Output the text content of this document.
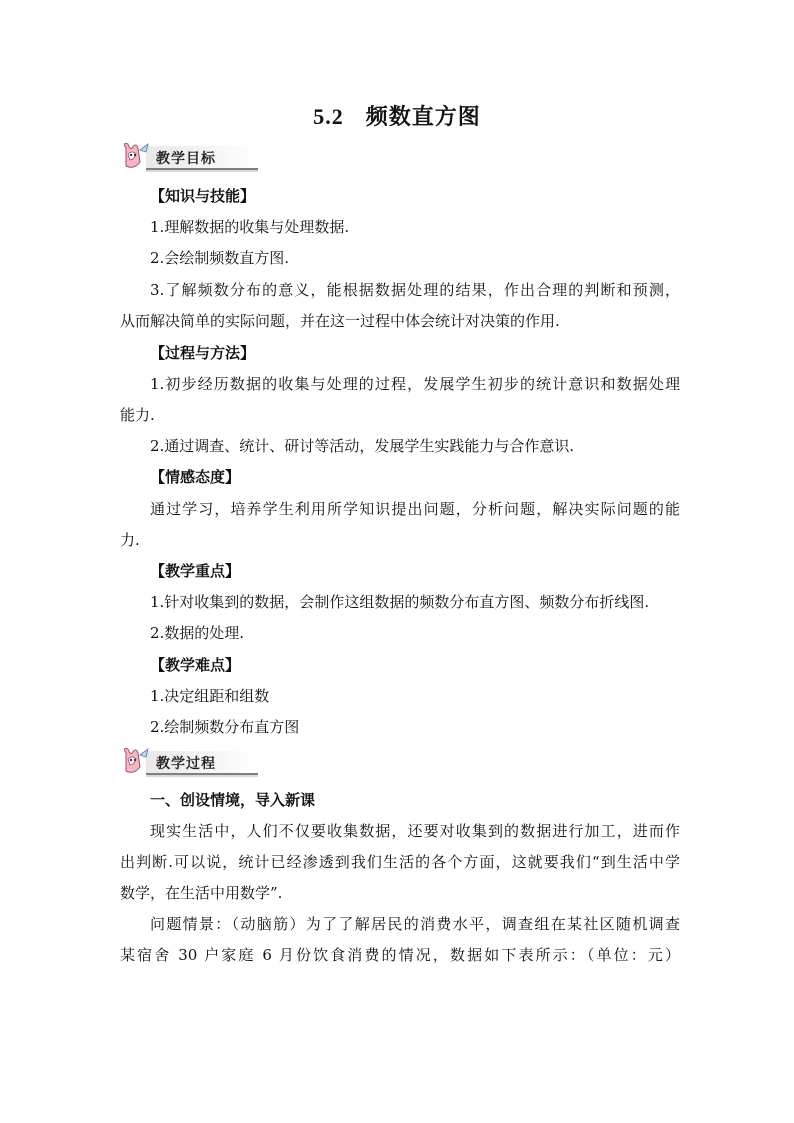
5.2 频数直方图
教学目标
【知识与技能】
1.理解数据的收集与处理数据.
2.会绘制频数直方图.
3.了解频数分布的意义，能根据数据处理的结果，作出合理的判断和预测，
从而解决简单的实际问题，并在这一过程中体会统计对决策的作用.
【过程与方法】
1.初步经历数据的收集与处理的过程，发展学生初步的统计意识和数据处理
能力.
2.通过调查、统计、研讨等活动，发展学生实践能力与合作意识.
【情感态度】
通过学习，培养学生利用所学知识提出问题，分析问题，解决实际问题的能
力.
【教学重点】
1.针对收集到的数据，会制作这组数据的频数分布直方图、频数分布折线图.
2.数据的处理.
【教学难点】
1.决定组距和组数
2.绘制频数分布直方图
教学过程
一、创设情境，导入新课
现实生活中，人们不仅要收集数据，还要对收集到的数据进行加工，进而作
出判断.可以说，统计已经渗透到我们生活的各个方面，这就要我们“到生活中学
数学，在生活中用数学”.
问题情景：（动脑筋）为了了解居民的消费水平，调查组在某社区随机调查
某宿舍 30 户家庭 6 月份饮食消费的情况，数据如下表所示：（单位：元）
